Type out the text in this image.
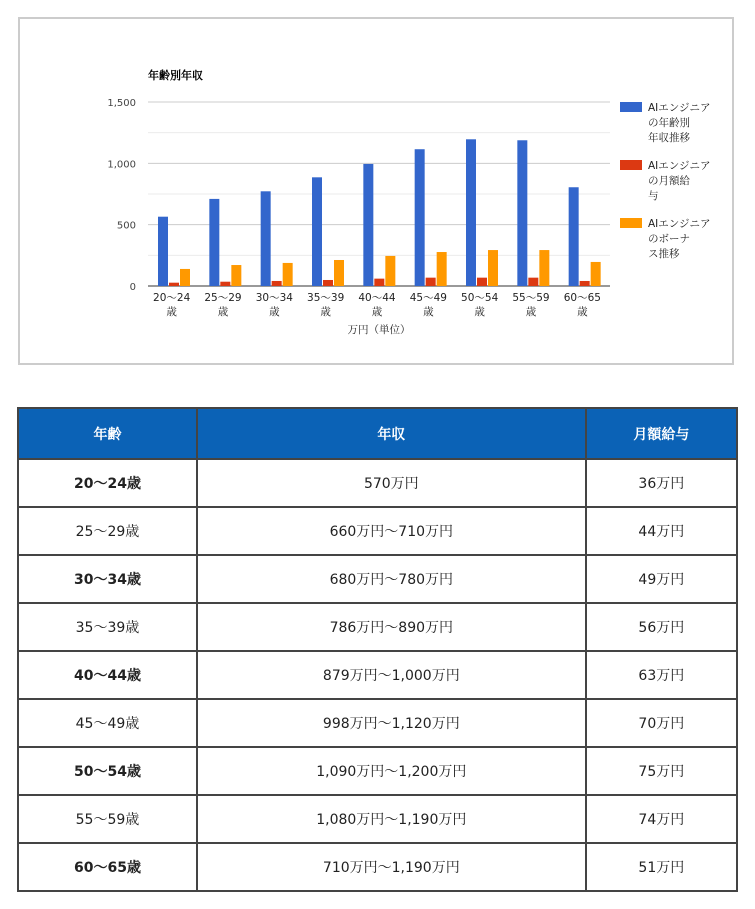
年齢別年収
0
500
1,000
1,500
20〜24 歳
25〜29 歳
30〜34 歳
35〜39 歳
40〜44 歳
45〜49 歳
50〜54 歳
55〜59 歳
60〜65 歳
万円（単位）
AIエンジニアの年齢別年収推移
AIエンジニアの月額給与
AIエンジニアのボーナス推移
年齢	年収	月額給与
20〜24歳	570万円	36万円
25〜29歳	660万円〜710万円	44万円
30〜34歳	680万円〜780万円	49万円
35〜39歳	786万円〜890万円	56万円
40〜44歳	879万円〜1,000万円	63万円
45〜49歳	998万円〜1,120万円	70万円
50〜54歳	1,090万円〜1,200万円	75万円
55〜59歳	1,080万円〜1,190万円	74万円
60〜65歳	710万円〜1,190万円	51万円
